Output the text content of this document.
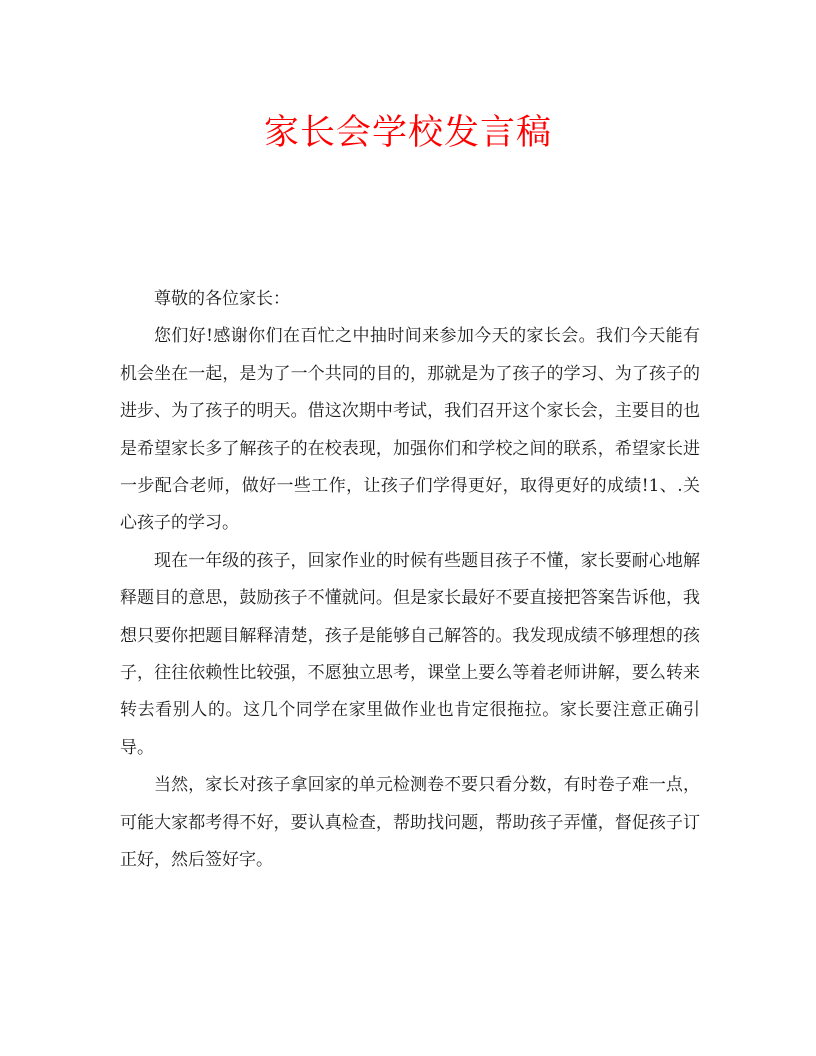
家长会学校发言稿

尊敬的各位家长：

您们好!感谢你们在百忙之中抽时间来参加今天的家长会。我们今天能有机会坐在一起，是为了一个共同的目的，那就是为了孩子的学习、为了孩子的进步、为了孩子的明天。借这次期中考试，我们召开这个家长会，主要目的也是希望家长多了解孩子的在校表现，加强你们和学校之间的联系，希望家长进一步配合老师，做好一些工作，让孩子们学得更好，取得更好的成绩!1、.关心孩子的学习。

现在一年级的孩子，回家作业的时候有些题目孩子不懂，家长要耐心地解释题目的意思，鼓励孩子不懂就问。但是家长最好不要直接把答案告诉他，我想只要你把题目解释清楚，孩子是能够自己解答的。我发现成绩不够理想的孩子，往往依赖性比较强，不愿独立思考，课堂上要么等着老师讲解，要么转来转去看别人的。这几个同学在家里做作业也肯定很拖拉。家长要注意正确引导。

当然，家长对孩子拿回家的单元检测卷不要只看分数，有时卷子难一点，可能大家都考得不好，要认真检查，帮助找问题，帮助孩子弄懂，督促孩子订正好，然后签好字。
